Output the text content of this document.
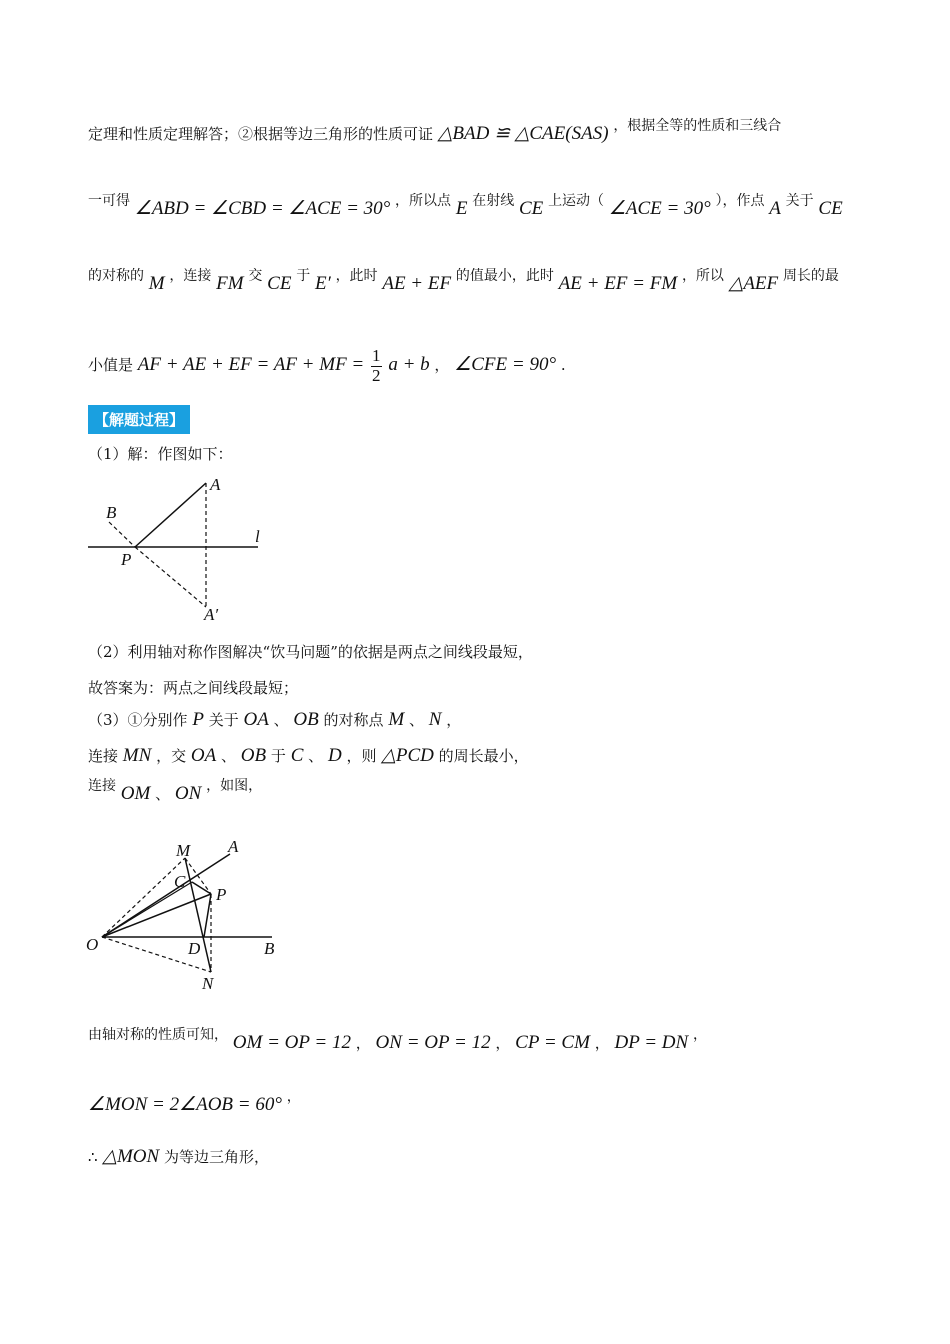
定理和性质定理解答；②根据等边三角形的性质可证 △BAD ≌ △CAE(SAS) ，根据全等的性质和三线合
一可得 ∠ABD = ∠CBD = ∠ACE = 30° ，所以点 E 在射线 CE 上运动（ ∠ACE = 30° ），作点 A 关于 CE
的对称的 M ，连接 FM 交 CE 于 E′ ，此时 AE + EF 的值最小，此时 AE + EF = FM ，所以 △AEF 周长的最
小值是 AF + AE + EF = AF + MF = $\frac{1}{2}$ a + b ， ∠CFE = 90° .
【解题过程】
（1）解：作图如下：
A
B
P
l
A′
（2）利用轴对称作图解决“饮马问题”的依据是两点之间线段最短，
故答案为：两点之间线段最短；
（3）①分别作 P 关于 OA 、 OB 的对称点 M 、 N ，
连接 MN ，交 OA 、 OB 于 C 、 D ，则 △PCD 的周长最小，
连接 OM 、 ON ，如图，
M A
C
P
O	D	B
N
由轴对称的性质可知， OM = OP = 12 ， ON = OP = 12 ， CP = CM ， DP = DN ，
∠MON = 2∠AOB = 60° ，
∴ △MON 为等边三角形，
